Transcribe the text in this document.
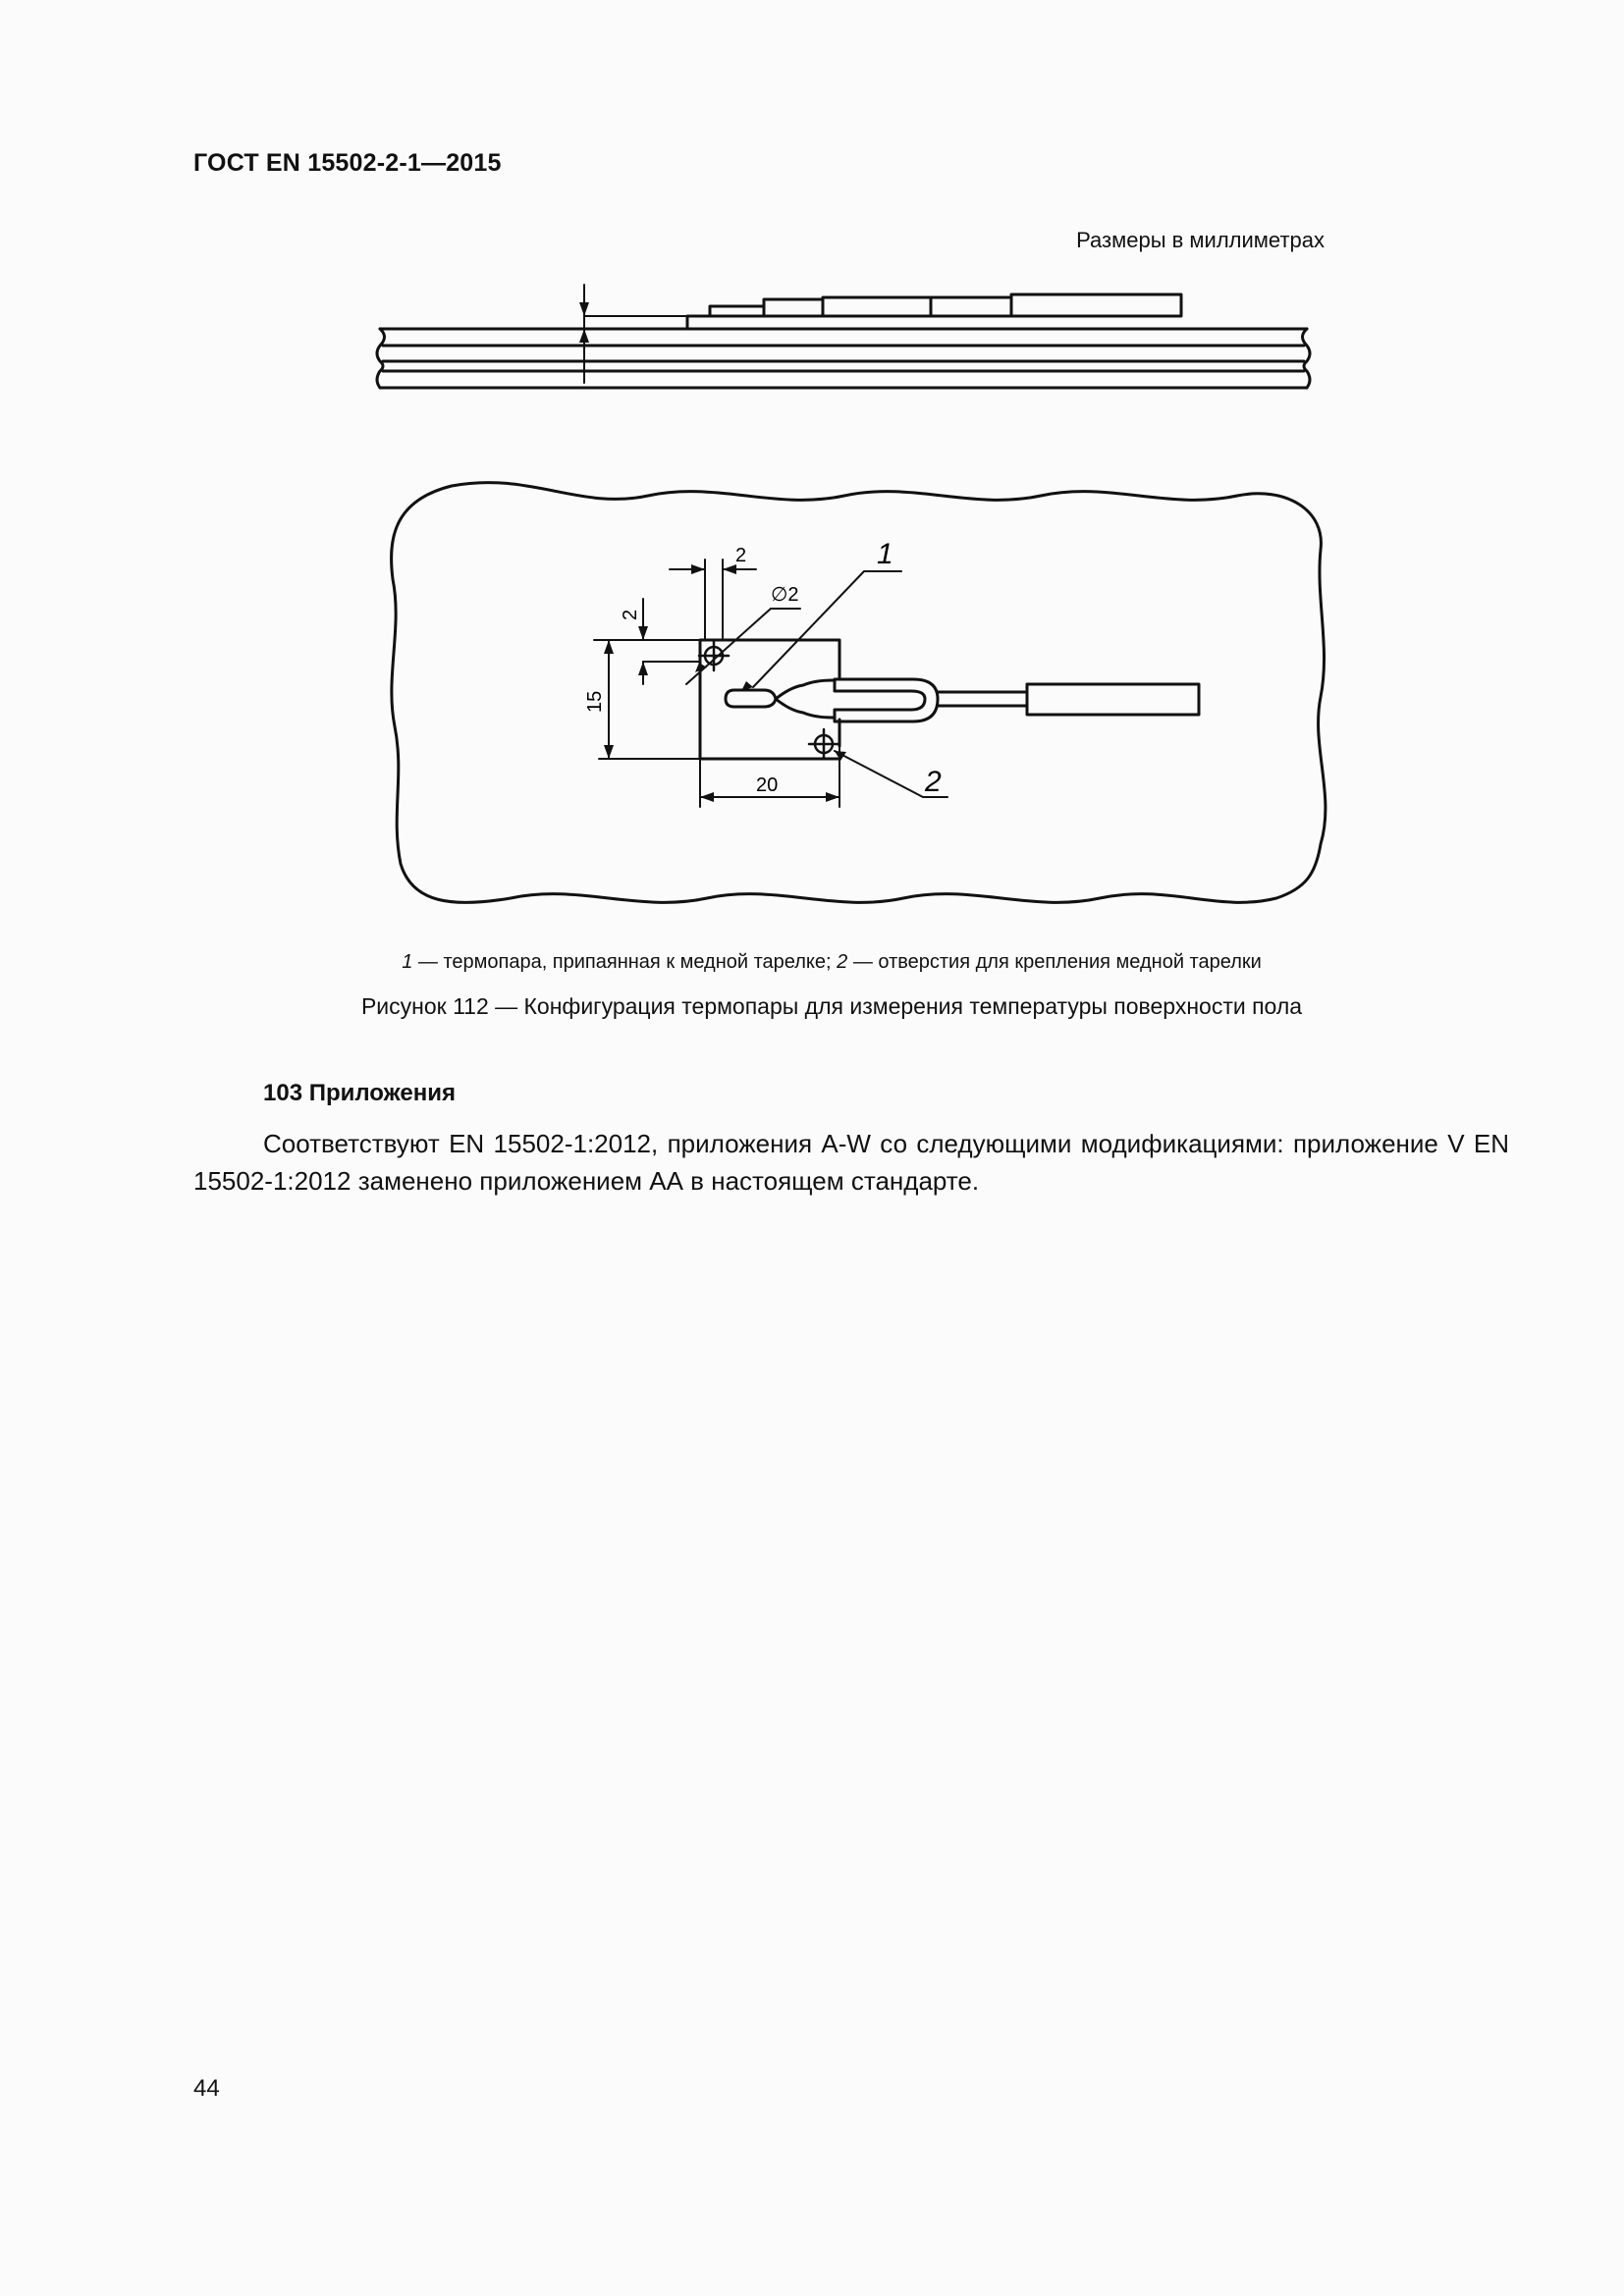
ГОСТ EN 15502-2-1—2015
Размеры в миллиметрах
2
∅2
2
15
20
1
2
1 — термопара, припаянная к медной тарелке; 2 — отверстия для крепления медной тарелки
Рисунок 112 — Конфигурация термопары для измерения температуры поверхности пола
103 Приложения
Соответствуют EN 15502-1:2012, приложения A-W со следующими модификациями: приложение V EN 15502-1:2012 заменено приложением АА в настоящем стандарте.
44
